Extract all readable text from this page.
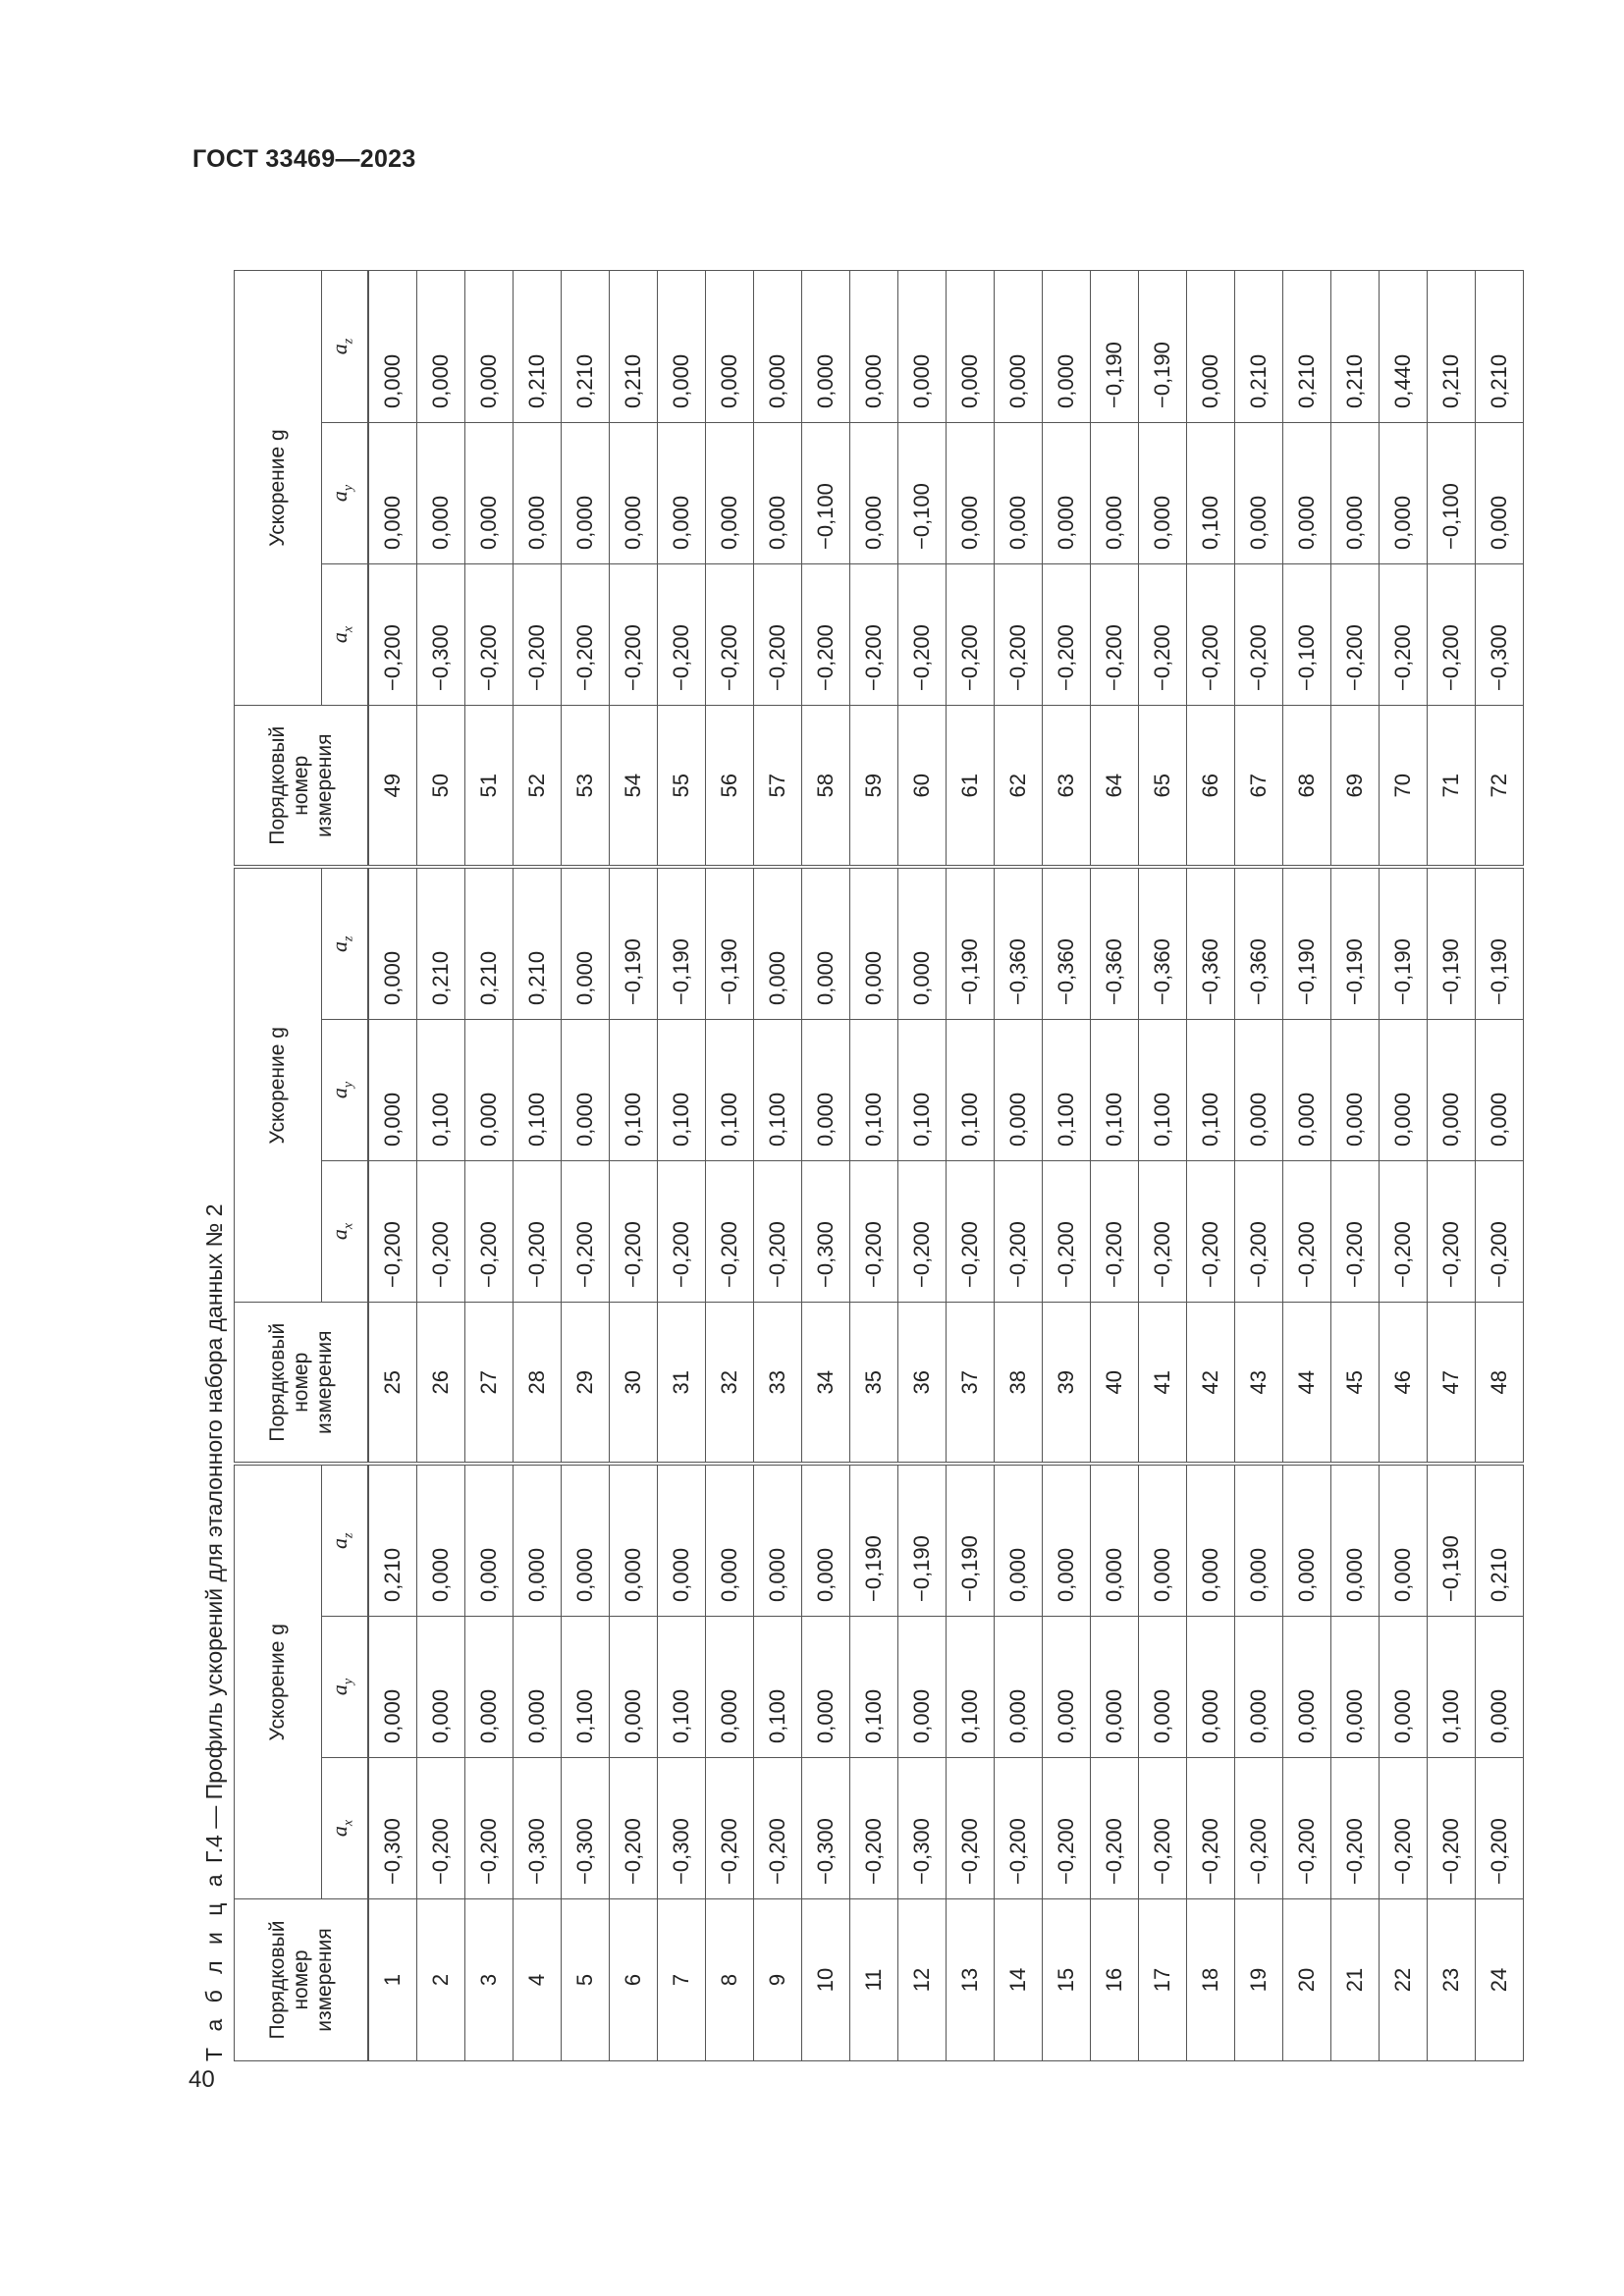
ГОСТ 33469—2023
40
Т а б л и ц а Г.4 — Профиль ускорений для эталонного набора данных № 2
Порядковый номер измерения	Ускорение g			Порядковый номер измерения	Ускорение g			Порядковый номер измерения	Ускорение g		
	$a_x$	$a_y$	$a_z$		$a_x$	$a_y$	$a_z$		$a_x$	$a_y$	$a_z$
1	−0,300	0,000	0,210	25	−0,200	0,000	0,000	49	−0,200	0,000	0,000
2	−0,200	0,000	0,000	26	−0,200	0,100	0,210	50	−0,300	0,000	0,000
3	−0,200	0,000	0,000	27	−0,200	0,000	0,210	51	−0,200	0,000	0,000
4	−0,300	0,000	0,000	28	−0,200	0,100	0,210	52	−0,200	0,000	0,210
5	−0,300	0,100	0,000	29	−0,200	0,000	0,000	53	−0,200	0,000	0,210
6	−0,200	0,000	0,000	30	−0,200	0,100	−0,190	54	−0,200	0,000	0,210
7	−0,300	0,100	0,000	31	−0,200	0,100	−0,190	55	−0,200	0,000	0,000
8	−0,200	0,000	0,000	32	−0,200	0,100	−0,190	56	−0,200	0,000	0,000
9	−0,200	0,100	0,000	33	−0,200	0,100	0,000	57	−0,200	0,000	0,000
10	−0,300	0,000	0,000	34	−0,300	0,000	0,000	58	−0,200	−0,100	0,000
11	−0,200	0,100	−0,190	35	−0,200	0,100	0,000	59	−0,200	0,000	0,000
12	−0,300	0,000	−0,190	36	−0,200	0,100	0,000	60	−0,200	−0,100	0,000
13	−0,200	0,100	−0,190	37	−0,200	0,100	−0,190	61	−0,200	0,000	0,000
14	−0,200	0,000	0,000	38	−0,200	0,000	−0,360	62	−0,200	0,000	0,000
15	−0,200	0,000	0,000	39	−0,200	0,100	−0,360	63	−0,200	0,000	0,000
16	−0,200	0,000	0,000	40	−0,200	0,100	−0,360	64	−0,200	0,000	−0,190
17	−0,200	0,000	0,000	41	−0,200	0,100	−0,360	65	−0,200	0,000	−0,190
18	−0,200	0,000	0,000	42	−0,200	0,100	−0,360	66	−0,200	0,100	0,000
19	−0,200	0,000	0,000	43	−0,200	0,000	−0,360	67	−0,200	0,000	0,210
20	−0,200	0,000	0,000	44	−0,200	0,000	−0,190	68	−0,100	0,000	0,210
21	−0,200	0,000	0,000	45	−0,200	0,000	−0,190	69	−0,200	0,000	0,210
22	−0,200	0,000	0,000	46	−0,200	0,000	−0,190	70	−0,200	0,000	0,440
23	−0,200	0,100	−0,190	47	−0,200	0,000	−0,190	71	−0,200	−0,100	0,210
24	−0,200	0,000	0,210	48	−0,200	0,000	−0,190	72	−0,300	0,000	0,210
